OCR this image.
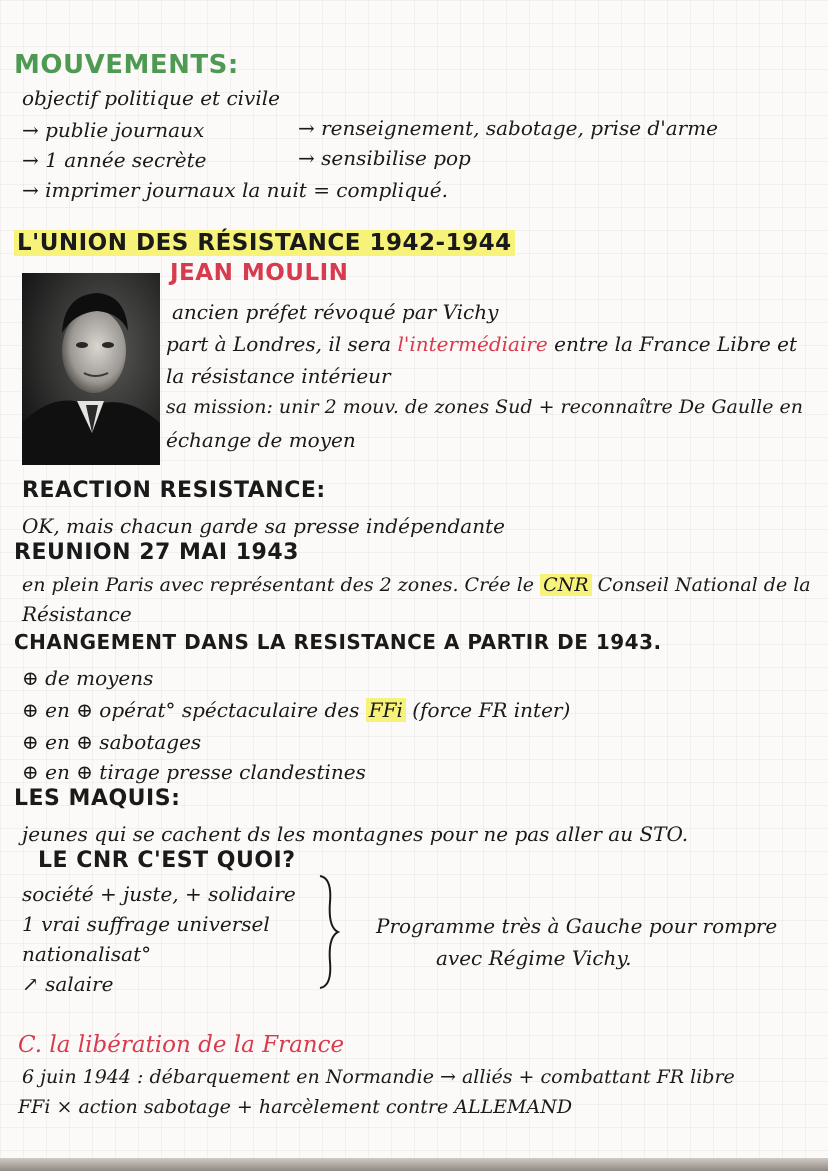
MOUVEMENTS:
objectif politique et civile
→ publie journaux	→ renseignement, sabotage, prise d'arme
→ 1 année secrète	→ sensibilise pop
→ imprimer journaux la nuit = compliqué.
L'UNION DES RÉSISTANCE 1942-1944
JEAN MOULIN
ancien préfet révoqué par Vichy
part à Londres, il sera l'intermédiaire entre la France Libre et
la résistance intérieur
sa mission: unir 2 mouv. de zones Sud + reconnaître De Gaulle en
échange de moyen
REACTION RESISTANCE:
OK, mais chacun garde sa presse indépendante
REUNION 27 MAI 1943
en plein Paris avec représentant des 2 zones. Crée le CNR Conseil National de la
Résistance
CHANGEMENT DANS LA RESISTANCE A PARTIR DE 1943.
⊕ de moyens
⊕ en ⊕ opérat° spéctaculaire des FFi (force FR inter)
⊕ en ⊕ sabotages
⊕ en ⊕ tirage presse clandestines
LES MAQUIS:
jeunes qui se cachent ds les montagnes pour ne pas aller au STO.
LE CNR C'EST QUOI?
société + juste, + solidaire
1 vrai suffrage universel
nationalisat°
↗ salaire
Programme très à Gauche pour rompre
avec Régime Vichy.
C. la libération de la France
6 juin 1944 : débarquement en Normandie → alliés + combattant FR libre
FFi × action sabotage + harcèlement contre ALLEMAND
